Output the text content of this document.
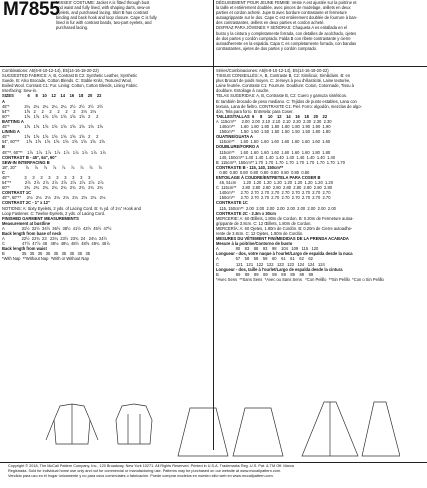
M7855
MISSES' COSTUME: Jacket A is fitted through bust
and waist and fully lined, with shaping darts, sew-on
eyelets, and purchased lacing. Skirt B has contrast
binding and back hook and loop closure. Cape C is fully
lined in fur with contrast bands, two-part eyelets, and
purchased lacing.
DÉGUISEMENT POUR JEUNE FEMME: Veste A est ajustée sur la poitrine et
la taille et entièrement doublée, avec pinces de modelage, œillets en deux
parties et cordon acheté. Jupe B avec bordure contrastante et fermeture
autoagrippante sur le dos. Cape C est entièrement doublée de fourrure à ban-
des contrastantes, œillets en deux parties et cordon acheté.
DISFRAZ PARA JÓVENES Y SEÑORAS: Chaqueta A es entallada en el
busto y la cintura y completamente forrada, con detalles de acolchado, ojetes
de dos partes y cordón comprado. Falda B con ribete contrastante y cierre
autoadherente en la espalda. Capa C es completamente forrada, con bandas
contrastantes, ojetes de dos partes y cordón comprado.
Combinations: A5(6-8-10-12-14), E5(14-16-18-20-22)
SUGGESTED FABRICS: A, B, Contrast B C2: Synthetic Leather, Synthetic
Suede. B: Also Brocade, Cotton Blends. C: Stable Knits, Textured Wool,
Boiled Wool. Contrast C1: Fur. Lining: Cotton, Cotton Blends, Lining Fabric.
Interfacing: Sew-in.
SIZES            6     8    10    12    14    16    18    20    22
A
45"*             2¼   2¼   2¼   2¼   2¼   2½   2½   2½   2½
54"*             1⅝   2     2     2     2     2     2     2⅛   2⅛
60"*             1⅝   1⅝   1⅝   1⅝   1⅝   1⅝   1⅝   2     2
BATTING A
45"*             1⅝   1⅝   1⅝   1⅝   1⅝   1⅝   1⅝   1⅝   1⅝
LINING A
45"*             1⅝   1⅝   1⅝   1⅝   1⅝   1⅝   1⅝   2     2
54", 60"**      1⅝   1⅝   1⅝   1⅝   1⅝   1⅝   1⅝   1⅝   1⅝
B
45"**, 60"**    1⅞   1⅞   1⅞   1⅞   1⅞   1⅞   1⅞   1⅞   1⅞
CONTRAST B - 45", 54", 60"
SEW-IN INTERFACING B
18", 20"        ⅞     ⅞     ⅞     ⅞     ⅞     ⅞     ⅞     ⅞     ⅞
C
45"*             3     3     3     3     3     3     3     3     3
54"**            2⅞   2⅞   2⅞   2⅞   2⅞   2⅞   2⅞   2⅞   2⅞
60"*             2¾   2¾   2¾   2¾   2¾   2¾   2¾   2¾   2¾
CONTRAST 1C
45"*, 60"**     2⅛   2⅛   2⅛   2⅛   2⅛   2⅛   2⅛   2⅛   2⅛
CONTRAST 2C - 1" x 12"
NOTIONS: A: Sixty Eyelets, 2 yds. of Lacing Cord. B: ¾ yd. of 1¼" Hook and
Loop Fastener. C: Twelve Eyelets, 2 yds. of Lacing Cord.
FINISHED GARMENT MEASUREMENTS
Measurement at bustline
A               31½  32½  34½  36½  38½  41½  43½  45½  47½
Back length from base of neck
A               22½  22¾  23   23¼  23½  23¾  24   24¼  24½
C               47½  47⅞  48   48⅛  48¼  48½  48⅝  48¾  48⅞
Back length from waist
B               35   35   35   35   35   35   35   35   35
*With Nap  **Without Nap  *With or Without Nap
Séries/Combinaciones: A5(6-8-10-12-14), E5(14-16-18-20-22)
TISSUS CONSEILLÉS: A, B, Contraste B, C2: Similicuir, Similidaim. B: en
plus Brocart de poids moyen. C: Jerseys à peu d'élasticité, Laine texturée,
Laine feutrée. Contraste C1: Fourrure. Doublure: Coton, Cotonnade, Tissu à
doublure. Entoilage à coudre.
TELAS SUGERIDAS: A, B, Contraste B, C2: Cuero y gamuza sintéticos.
B: también brocado de peso mediano. C: Tejidos de punto estables, Lana con
textura, Lana de fieltro. CONTRASTE C1: Piel. Forro: algodón, mezclas de algo-
dón, Tela para forro. Entretela: para Coser.
TAILLES/TALLAS  6     8     10    12    14    16    18    20    22
A  115cm**     2.00  2.00  2.10  2.10  2.10  2.20  2.30  2.30  2.30
140cm**     1.60  1.80  1.80  1.80  1.80  1.80  1.90  1.90  1.90
150cm**     1.50  1.50  1.50  1.50  1.50  1.50  1.50  1.80  1.80
OUATINE/GUATA A
115cm**     1.60  1.60  1.60  1.60  1.60  1.60  1.60  1.60  1.60
DOUBLURE/FORRO A
115cm**     1.60  1.60  1.60  1.60  1.60  1.60  1.60  1.80  1.80
140, 150cm** 1.40  1.40  1.40  1.40  1.40  1.40  1.40  1.40  1.40
B  115cm**, 150cm** 1.70  1.70  1.70  1.70  1.70  1.70  1.70  1.70  1.70
CONTRASTE B - 115, 140, 150cm**
0.80  0.80  0.80  0.80  0.80  0.80  0.80  0.80  0.80
ENTOILAGE À COUDRE/ENTRETELA PARA COSER B
46, 51cm      1.20  1.20  1.20  1.20  1.20  1.20  1.20  1.20  1.20
C  115cm**     2.80  2.80  2.80  2.80  2.80  2.80  2.80  2.80  2.80
140cm**     2.70  2.70  2.70  2.70  2.70  2.70  2.70  2.70  2.70
150cm**     2.70  2.70  2.70  2.70  2.70  2.70  2.70  2.70  2.70
CONTRASTE 1C
115, 150cm**  2.00  2.00  2.00  2.00  2.00  2.00  2.00  2.00  2.00
CONTRASTE 2C - 2.3m x 30cm
MERCERIE: A: 60 Œillets, 1.80m de Cordon. B: 0.20m de Fermeture autoa-
grippante de 3.8cm. C: 12 Œillets, 1.80m de Cordon.
MERCERÍA: A: 60 Ojetes, 1.80m de Cordón. B: 0.20m de Cierre autoadhe-
rente de 3.8cm. C: 12 Ojetes, 1.90m de Cordón.
MESURES DU VÊTEMENT FINI/MEDIDAS DE LA PRENDA ACABADA
Mesure à la poitrine/Contorno de busto
A               80    83    88    93    98    104   109   115   120
Longueur - dos, votre nuque à l'ourlet/Largo de espalda desde la nuca
A               57    58    58    59    60    61    61    62    62
C               121   121   122   122   123   123   124   124   124
Longueur - dos, taille à l'ourlet/Largo de espalda desde la cintura
B               89    89    89    89    89    89    89    89    89
*Avec Sens  **Sans Sens  *Avec ou Sans Sens   *Con Pelillo  **Sin Pelillo  *Con o Sin Pelillo
Copyright © 2018, The McCall Pattern Company, Inc., 120 Broadway, New York 10271. All Rights Reserved. Printed in U.S.A. Trademarks Reg. U.S. Pat. & TM Off. Marca
Registrada. Sold for individual home use only and not for commercial or manufacturing use. Patterns may be purchased on our website at www.mccallpattern.com.
Vendido para uso en el hogar únicamente y no para usos comerciales o fabricación. Puede comprar modelos en nuestro sitio web en www.mccallpattern.com.
